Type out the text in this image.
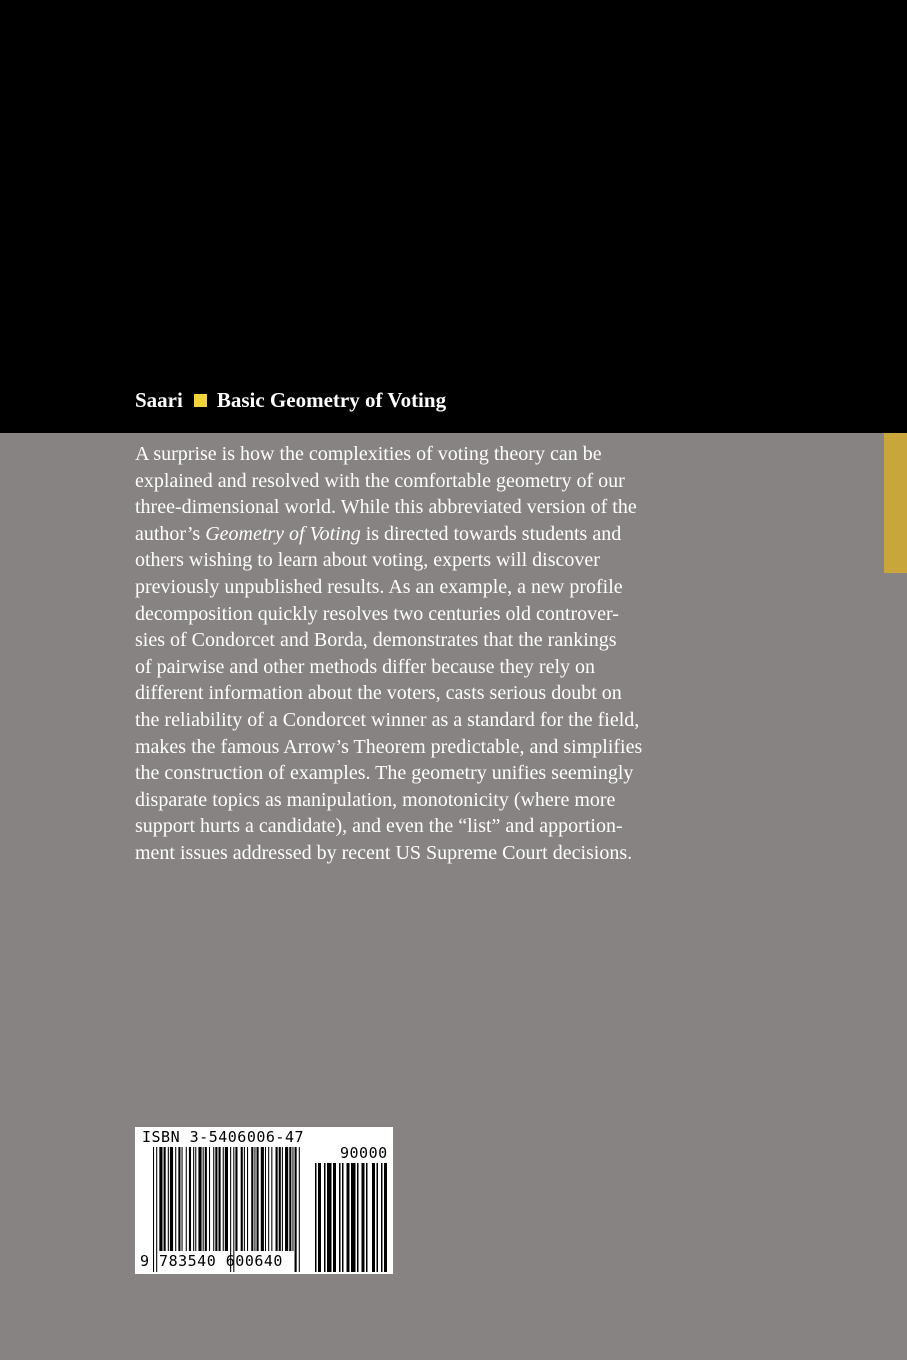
Saari Basic Geometry of Voting
A surprise is how the complexities of voting theory can be
explained and resolved with the comfortable geometry of our
three-dimensional world. While this abbreviated version of the
author’s Geometry of Voting is directed towards students and
others wishing to learn about voting, experts will discover
previously unpublished results. As an example, a new profile
decomposition quickly resolves two centuries old controver-
sies of Condorcet and Borda, demonstrates that the rankings
of pairwise and other methods differ because they rely on
different information about the voters, casts serious doubt on
the reliability of a Condorcet winner as a standard for the field,
makes the famous Arrow’s Theorem predictable, and simplifies
the construction of examples. The geometry unifies seemingly
disparate topics as manipulation, monotonicity (where more
support hurts a candidate), and even the “list” and apportion-
ment issues addressed by recent US Supreme Court decisions.
ISBN 3-5406006-47
90000
9 783540 600640
